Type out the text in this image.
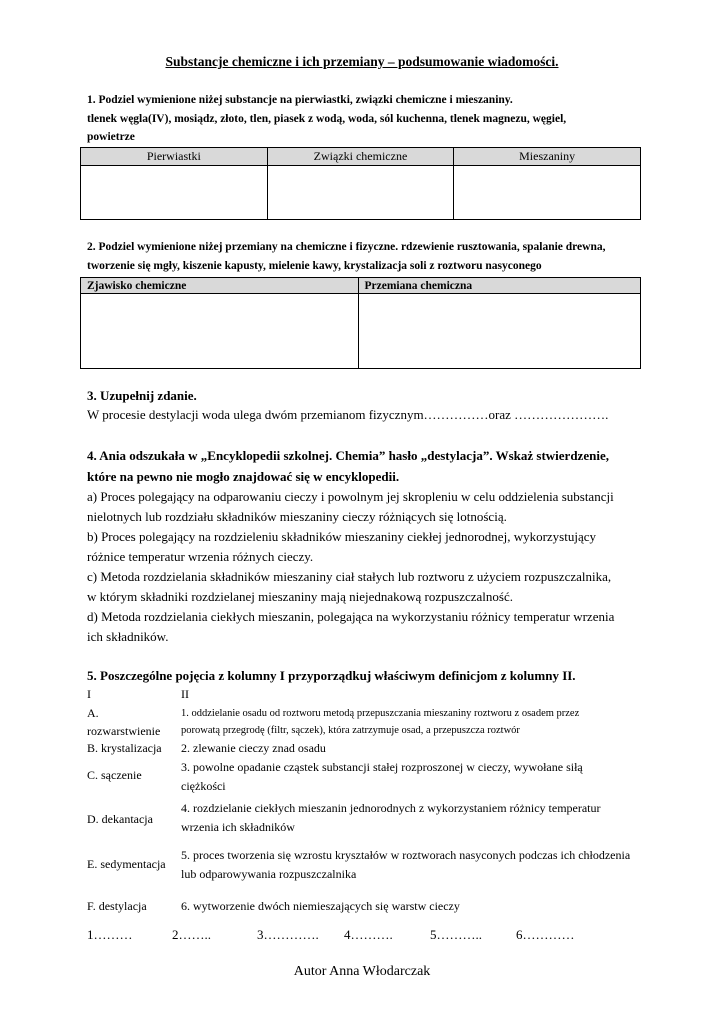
Substancje chemiczne i ich przemiany – podsumowanie wiadomości.
1. Podziel wymienione niżej substancje na pierwiastki, związki chemiczne i mieszaniny.
tlenek węgla(IV), mosiądz, złoto, tlen, piasek z wodą, woda, sól kuchenna, tlenek magnezu, węgiel,
powietrze
Pierwiastki	Związki chemiczne	Mieszaniny

2. Podziel wymienione niżej przemiany na chemiczne i fizyczne. rdzewienie rusztowania, spalanie drewna,
tworzenie się mgły, kiszenie kapusty, mielenie kawy, krystalizacja soli z roztworu nasyconego
Zjawisko chemiczne	Przemiana chemiczna

3. Uzupełnij zdanie.
W procesie destylacji woda ulega dwóm przemianom fizycznym……………oraz ………………….
4. Ania odszukała w „Encyklopedii szkolnej. Chemia” hasło „destylacja”. Wskaż stwierdzenie,
które na pewno nie mogło znajdować się w encyklopedii.
a) Proces polegający na odparowaniu cieczy i powolnym jej skropleniu w celu oddzielenia substancji
nielotnych lub rozdziału składników mieszaniny cieczy różniących się lotnością.
b) Proces polegający na rozdzieleniu składników mieszaniny ciekłej jednorodnej, wykorzystujący
różnice temperatur wrzenia różnych cieczy.
c) Metoda rozdzielania składników mieszaniny ciał stałych lub roztworu z użyciem rozpuszczalnika,
w którym składniki rozdzielanej mieszaniny mają niejednakową rozpuszczalność.
d) Metoda rozdzielania ciekłych mieszanin, polegająca na wykorzystaniu różnicy temperatur wrzenia
ich składników.
5. Poszczególne pojęcia z kolumny I przyporządkuj właściwym definicjom z kolumny II.
I	II
A.
rozwarstwienie
1. oddzielanie osadu od roztworu metodą przepuszczania mieszaniny roztworu z osadem przez
porowatą przegrodę (filtr, sączek), która zatrzymuje osad, a przepuszcza roztwór
B. krystalizacja 2. zlewanie cieczy znad osadu
C. sączenie
3. powolne opadanie cząstek substancji stałej rozproszonej w cieczy, wywołane siłą
ciężkości
D. dekantacja
4. rozdzielanie ciekłych mieszanin jednorodnych z wykorzystaniem różnicy temperatur
wrzenia ich składników
E. sedymentacja
5. proces tworzenia się wzrostu kryształów w roztworach nasyconych podczas ich chłodzenia
lub odparowywania rozpuszczalnika
F. destylacja	6. wytworzenie dwóch niemieszających się warstw cieczy
1………	2……..	3…………. 4……….	5………..	6…………
Autor Anna Włodarczak
